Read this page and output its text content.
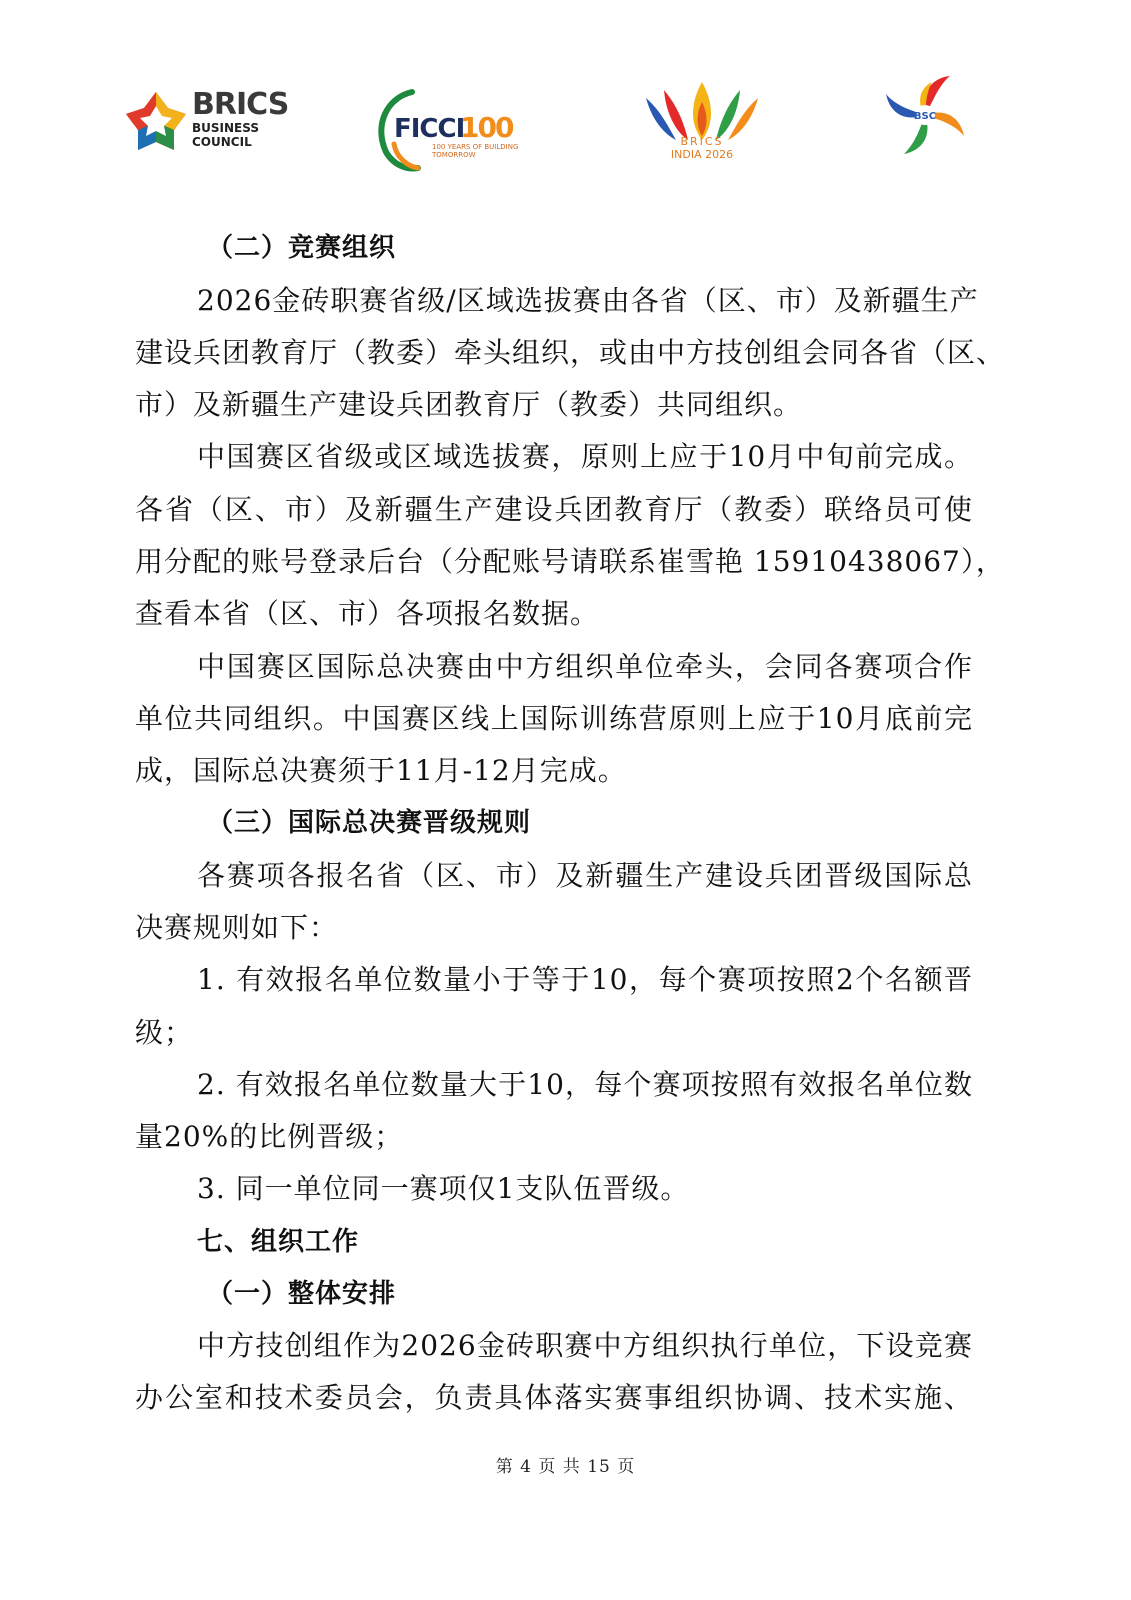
BRICS
BUSINESS
COUNCIL	FICCI
100
100 YEARS OF BUILDING TOMORROW
BRICS
INDIA 2026
BSC
（二）竞赛组织
2026金砖职赛省级/区域选拔赛由各省（区、市）及新疆生产
建设兵团教育厅（教委）牵头组织，或由中方技创组会同各省（区、
市）及新疆生产建设兵团教育厅（教委）共同组织。
中国赛区省级或区域选拔赛，原则上应于10月中旬前完成。
各省（区、市）及新疆生产建设兵团教育厅（教委）联络员可使
用分配的账号登录后台（分配账号请联系崔雪艳 15910438067），
查看本省（区、市）各项报名数据。
中国赛区国际总决赛由中方组织单位牵头，会同各赛项合作
单位共同组织。中国赛区线上国际训练营原则上应于10月底前完
成，国际总决赛须于11月-12月完成。
（三）国际总决赛晋级规则
各赛项各报名省（区、市）及新疆生产建设兵团晋级国际总
决赛规则如下：
1. 有效报名单位数量小于等于10，每个赛项按照2个名额晋
级；
2. 有效报名单位数量大于10，每个赛项按照有效报名单位数
量20%的比例晋级；
3. 同一单位同一赛项仅1支队伍晋级。
七、组织工作
（一）整体安排
中方技创组作为2026金砖职赛中方组织执行单位，下设竞赛
办公室和技术委员会，负责具体落实赛事组织协调、技术实施、
第 4 页 共 15 页
